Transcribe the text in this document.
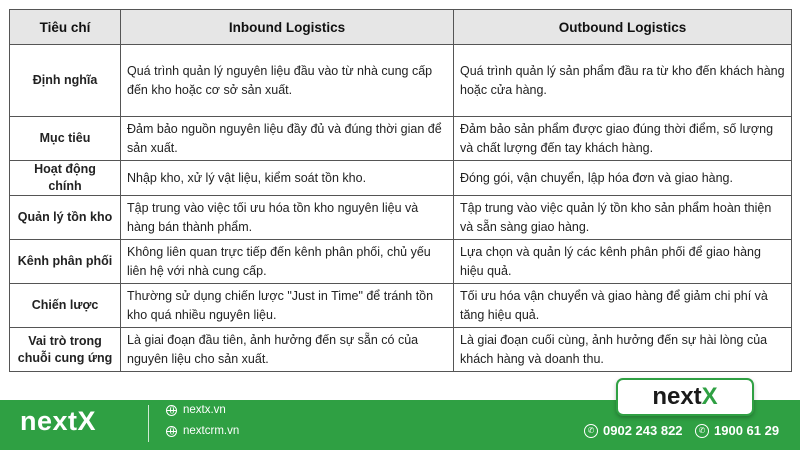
Tiêu chí	Inbound Logistics	Outbound Logistics
Định nghĩa	Quá trình quản lý nguyên liệu đầu vào từ nhà cung cấp đến kho hoặc cơ sở sản xuất.	Quá trình quản lý sản phẩm đầu ra từ kho đến khách hàng hoặc cửa hàng.
Mục tiêu	Đảm bảo nguồn nguyên liệu đầy đủ và đúng thời gian để sản xuất.	Đảm bảo sản phẩm được giao đúng thời điểm, số lượng và chất lượng đến tay khách hàng.
Hoạt động chính	Nhập kho, xử lý vật liệu, kiểm soát tồn kho.	Đóng gói, vận chuyển, lập hóa đơn và giao hàng.
Quản lý tồn kho	Tập trung vào việc tối ưu hóa tồn kho nguyên liệu và hàng bán thành phẩm.	Tập trung vào việc quản lý tồn kho sản phẩm hoàn thiện và sẵn sàng giao hàng.
Kênh phân phối	Không liên quan trực tiếp đến kênh phân phối, chủ yếu liên hệ với nhà cung cấp.	Lựa chọn và quản lý các kênh phân phối để giao hàng hiệu quả.
Chiến lược	Thường sử dụng chiến lược "Just in Time" để tránh tồn kho quá nhiều nguyên liệu.	Tối ưu hóa vận chuyển và giao hàng để giảm chi phí và tăng hiệu quả.
Vai trò trong chuỗi cung ứng	Là giai đoạn đầu tiên, ảnh hưởng đến sự sẵn có của nguyên liệu cho sản xuất.	Là giai đoạn cuối cùng, ảnh hưởng đến sự hài lòng của khách hàng và doanh thu.
nextX	nextx.vn
nextcrm.vn	✆ 0902 243 822	✆ 1900 61 29
next X
